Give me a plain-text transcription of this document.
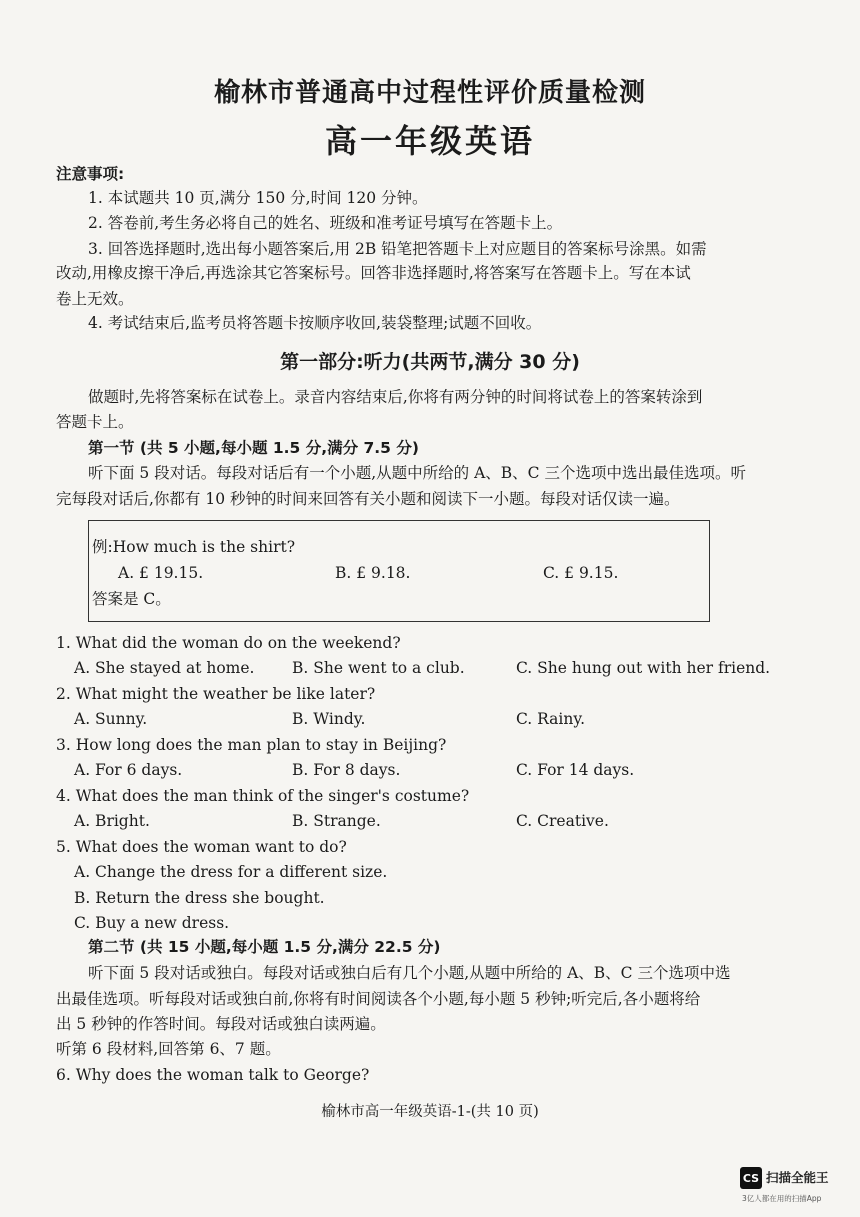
榆林市普通高中过程性评价质量检测
高一年级英语
注意事项:
1. 本试题共 10 页,满分 150 分,时间 120 分钟。
2. 答卷前,考生务必将自己的姓名、班级和准考证号填写在答题卡上。
3. 回答选择题时,选出每小题答案后,用 2B 铅笔把答题卡上对应题目的答案标号涂黑。如需
改动,用橡皮擦干净后,再选涂其它答案标号。回答非选择题时,将答案写在答题卡上。写在本试
卷上无效。
4. 考试结束后,监考员将答题卡按顺序收回,装袋整理;试题不回收。
第一部分:听力(共两节,满分 30 分)
做题时,先将答案标在试卷上。录音内容结束后,你将有两分钟的时间将试卷上的答案转涂到
答题卡上。
第一节 (共 5 小题,每小题 1.5 分,满分 7.5 分)
听下面 5 段对话。每段对话后有一个小题,从题中所给的 A、B、C 三个选项中选出最佳选项。听
完每段对话后,你都有 10 秒钟的时间来回答有关小题和阅读下一小题。每段对话仅读一遍。
例:How much is the shirt?
A. £ 19.15.	B. £ 9.18.	C. £ 9.15.
答案是 C。
1. What did the woman do on the weekend?
A. She stayed at home. B. She went to a club.	C. She hung out with her friend.
2. What might the weather be like later?
A. Sunny.	B. Windy.	C. Rainy.
3. How long does the man plan to stay in Beijing?
A. For 6 days.	B. For 8 days.	C. For 14 days.
4. What does the man think of the singer's costume?
A. Bright.	B. Strange.	C. Creative.
5. What does the woman want to do?
A. Change the dress for a different size.
B. Return the dress she bought.
C. Buy a new dress.
第二节 (共 15 小题,每小题 1.5 分,满分 22.5 分)
听下面 5 段对话或独白。每段对话或独白后有几个小题,从题中所给的 A、B、C 三个选项中选
出最佳选项。听每段对话或独白前,你将有时间阅读各个小题,每小题 5 秒钟;听完后,各小题将给
出 5 秒钟的作答时间。每段对话或独白读两遍。
听第 6 段材料,回答第 6、7 题。
6. Why does the woman talk to George?
榆林市高一年级英语-1-(共 10 页)
CS 扫描全能王
3亿人都在用的扫描App
